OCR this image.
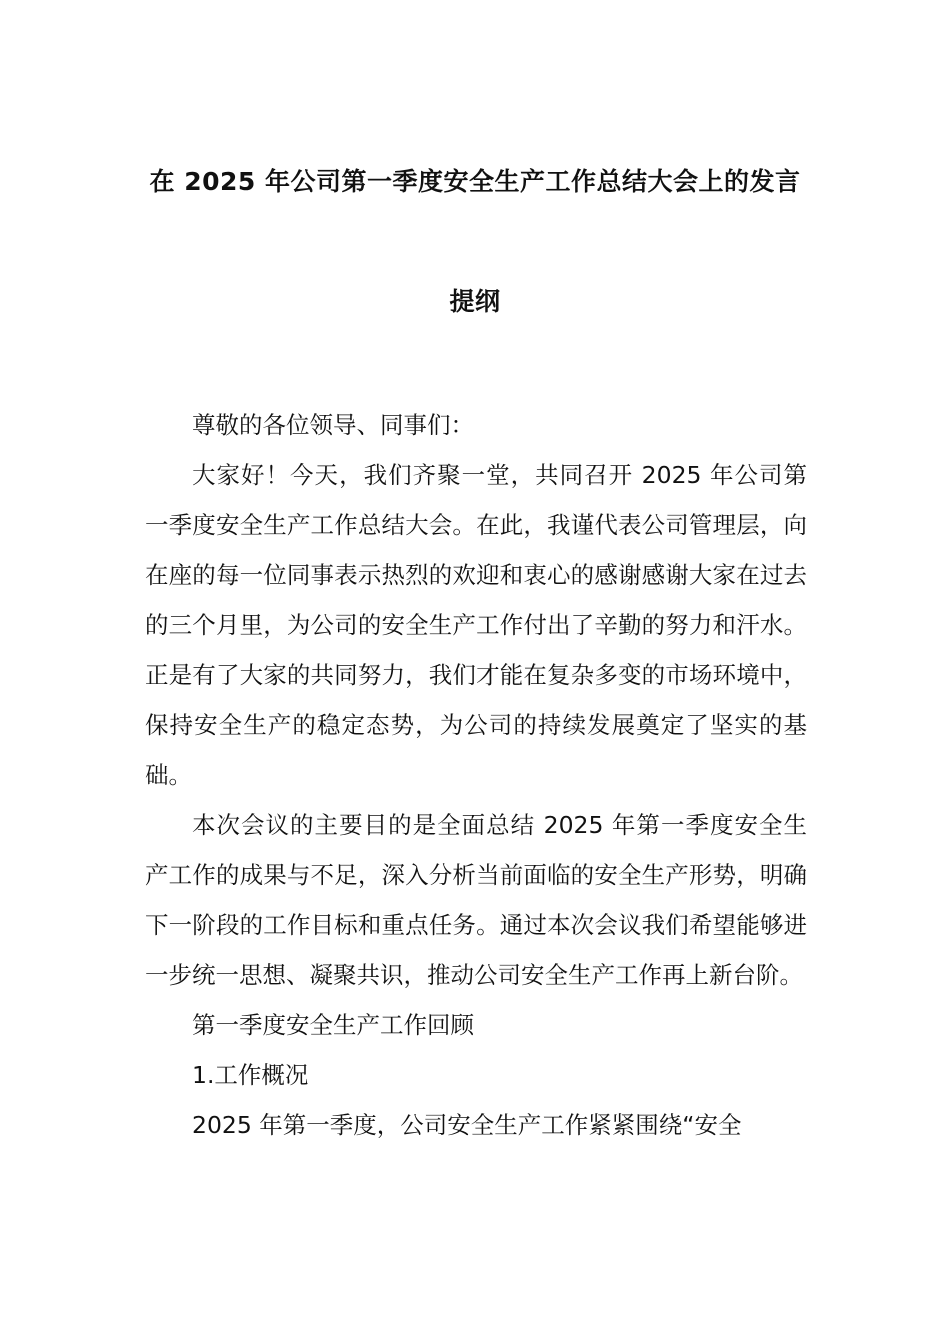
在 2025 年公司第一季度安全生产工作总结大会上的发言
提纲

尊敬的各位领导、同事们：

大家好！今天，我们齐聚一堂，共同召开 2025 年公司第一季度安全生产工作总结大会。在此，我谨代表公司管理层，向在座的每一位同事表示热烈的欢迎和衷心的感谢感谢大家在过去的三个月里，为公司的安全生产工作付出了辛勤的努力和汗水。正是有了大家的共同努力，我们才能在复杂多变的市场环境中，保持安全生产的稳定态势，为公司的持续发展奠定了坚实的基础。

本次会议的主要目的是全面总结 2025 年第一季度安全生产工作的成果与不足，深入分析当前面临的安全生产形势，明确下一阶段的工作目标和重点任务。通过本次会议我们希望能够进一步统一思想、凝聚共识，推动公司安全生产工作再上新台阶。

第一季度安全生产工作回顾

1.工作概况

2025 年第一季度，公司安全生产工作紧紧围绕“安全
